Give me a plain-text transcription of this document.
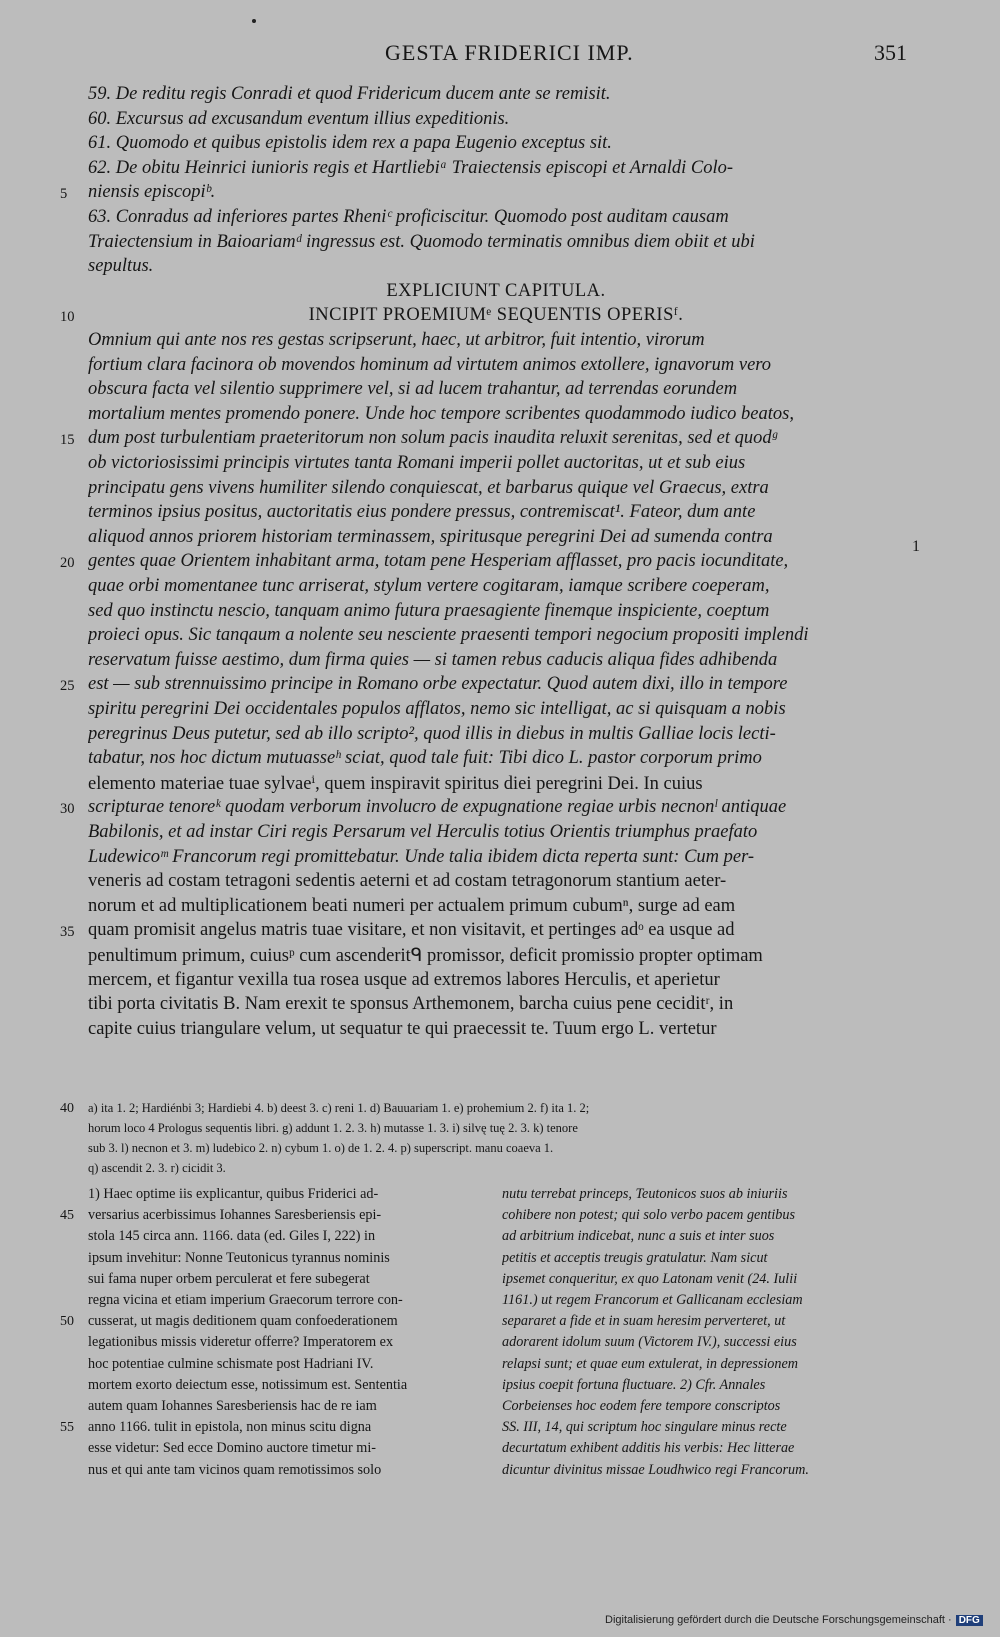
GESTA FRIDERICI IMP.	351
59. De reditu regis Conradi et quod Fridericum ducem ante se remisit.
60. Excursus ad excusandum eventum illius expeditionis.
61. Quomodo et quibus epistolis idem rex a papa Eugenio exceptus sit.
62. De obitu Heinrici iunioris regis et Hartliebiᵃ Traiectensis episcopi et Arnaldi Colo-
niensis episcopiᵇ.
5
63. Conradus ad inferiores partes Rheniᶜ proficiscitur. Quomodo post auditam causam
Traiectensium in Baioariamᵈ ingressus est. Quomodo terminatis omnibus diem obiit et ubi
sepultus.
EXPLICIUNT CAPITULA.
INCIPIT PROEMIUMᵉ SEQUENTIS OPERISᶠ.
10
Omnium qui ante nos res gestas scripserunt, haec, ut arbitror, fuit intentio, virorum
fortium clara facinora ob movendos hominum ad virtutem animos extollere, ignavorum vero
obscura facta vel silentio supprimere vel, si ad lucem trahantur, ad terrendas eorundem
mortalium mentes promendo ponere. Unde hoc tempore scribentes quodammodo iudico beatos,
dum post turbulentiam praeteritorum non solum pacis inaudita reluxit serenitas, sed et quodᵍ
15
ob victoriosissimi principis virtutes tanta Romani imperii pollet auctoritas, ut et sub eius
principatu gens vivens humiliter silendo conquiescat, et barbarus quique vel Graecus, extra
terminos ipsius positus, auctoritatis eius pondere pressus, contremiscat¹. Fateor, dum ante
aliquod annos priorem historiam terminassem, spiritusque peregrini Dei ad sumenda contra
gentes quae Orientem inhabitant arma, totam pene Hesperiam afflasset, pro pacis iocunditate,
20
quae orbi momentanee tunc arriserat, stylum vertere cogitaram, iamque scribere coeperam,
sed quo instinctu nescio, tanquam animo futura praesagiente finemque inspiciente, coeptum
proieci opus. Sic tanqaum a nolente seu nesciente praesenti tempori negocium propositi implendi
reservatum fuisse aestimo, dum firma quies — si tamen rebus caducis aliqua fides adhibenda
est — sub strennuissimo principe in Romano orbe expectatur. Quod autem dixi, illo in tempore
25
spiritu peregrini Dei occidentales populos afflatos, nemo sic intelligat, ac si quisquam a nobis
peregrinus Deus putetur, sed ab illo scripto², quod illis in diebus in multis Galliae locis lecti-
tabatur, nos hoc dictum mutuasseʰ sciat, quod tale fuit: Tibi dico L. pastor corporum primo
elemento materiae tuae sylvaeⁱ, quem inspiravit spiritus diei peregrini Dei. In cuius
scripturae tenoreᵏ quodam verborum involucro de expugnatione regiae urbis necnonˡ antiquae
30
Babilonis, et ad instar Ciri regis Persarum vel Herculis totius Orientis triumphus praefato
Ludewicoᵐ Francorum regi promittebatur. Unde talia ibidem dicta reperta sunt: Cum per-
veneris ad costam tetragoni sedentis aeterni et ad costam tetragonorum stantium aeter-
norum et ad multiplicationem beati numeri per actualem primum cubumⁿ, surge ad eam
quam promisit angelus matris tuae visitare, et non visitavit, et pertinges adᵒ ea usque ad
35
penultimum primum, cuiusᵖ cum ascenderitᑫ promissor, deficit promissio propter optimam
mercem, et figantur vexilla tua rosea usque ad extremos labores Herculis, et aperietur
tibi porta civitatis B. Nam erexit te sponsus Arthemonem, barcha cuius pene ceciditʳ, in
capite cuius triangulare velum, ut sequatur te qui praecessit te. Tuum ergo L. vertetur
1
a) ita 1. 2; Hardiénbi 3; Hardiebi 4. b) deest 3. c) reni 1. d) Bauuariam 1. e) prohemium 2. f) ita 1. 2;
40
horum loco 4 Prologus sequentis libri. g) addunt 1. 2. 3. h) mutasse 1. 3. i) silvę tuę 2. 3. k) tenore
sub 3. l) necnon et 3. m) ludebico 2. n) cybum 1. o) de 1. 2. 4. p) superscript. manu coaeva 1.
q) ascendit 2. 3. r) cicidit 3.
1) Haec optime iis explicantur, quibus Friderici ad-
versarius acerbissimus Iohannes Saresberiensis epi-
45
stola 145 circa ann. 1166. data (ed. Giles I, 222) in
ipsum invehitur: Nonne Teutonicus tyrannus nominis
sui fama nuper orbem perculerat et fere subegerat
regna vicina et etiam imperium Graecorum terrore con-
cusserat, ut magis deditionem quam confoederationem
50
legationibus missis videretur offerre? Imperatorem ex
hoc potentiae culmine schismate post Hadriani IV.
mortem exorto deiectum esse, notissimum est. Sententia
autem quam Iohannes Saresberiensis hac de re iam
anno 1166. tulit in epistola, non minus scitu digna
55
esse videtur: Sed ecce Domino auctore timetur mi-
nus et qui ante tam vicinos quam remotissimos solo
nutu terrebat princeps, Teutonicos suos ab iniuriis
cohibere non potest; qui solo verbo pacem gentibus
ad arbitrium indicebat, nunc a suis et inter suos
petitis et acceptis treugis gratulatur. Nam sicut
ipsemet conqueritur, ex quo Latonam venit (24. Iulii
1161.) ut regem Francorum et Gallicanam ecclesiam
separaret a fide et in suam heresim perverteret, ut
adorarent idolum suum (Victorem IV.), successi eius
relapsi sunt; et quae eum extulerat, in depressionem
ipsius coepit fortuna fluctuare. 2) Cfr. Annales
Corbeienses hoc eodem fere tempore conscriptos
SS. III, 14, qui scriptum hoc singulare minus recte
decurtatum exhibent additis his verbis: Hec litterae
dicuntur divinitus missae Loudhwico regi Francorum.
Digitalisierung gefördert durch die Deutsche Forschungsgemeinschaft · DFG
